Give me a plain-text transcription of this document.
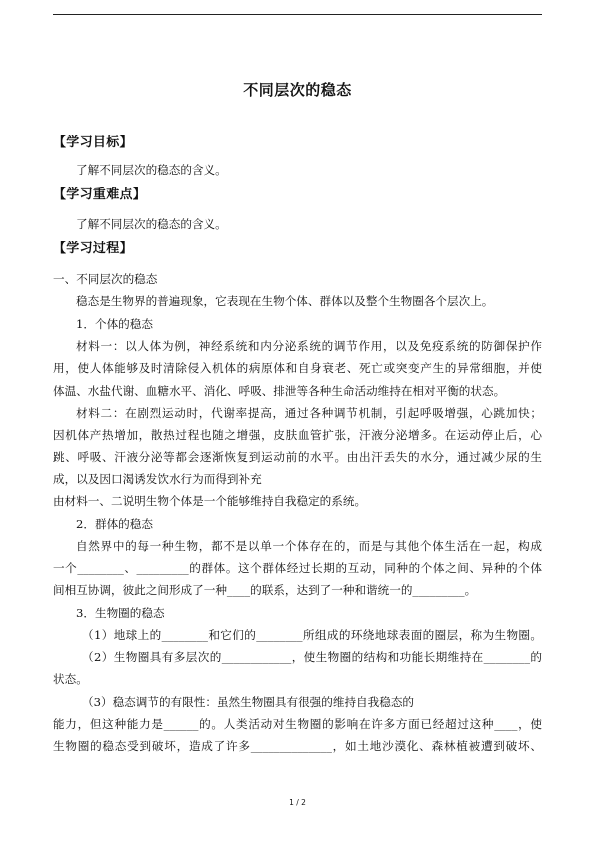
不同层次的稳态
【学习目标】
了解不同层次的稳态的含义。
【学习重难点】
了解不同层次的稳态的含义。
【学习过程】
一、不同层次的稳态
稳态是生物界的普遍现象，它表现在生物个体、群体以及整个生物圈各个层次上。
1．个体的稳态
材料一：以人体为例，神经系统和内分泌系统的调节作用，以及免疫系统的防御保护作
用，使人体能够及时清除侵入机体的病原体和自身衰老、死亡或突变产生的异常细胞，并使
体温、水盐代谢、血糖水平、消化、呼吸、排泄等各种生命活动维持在相对平衡的状态。
材料二：在剧烈运动时，代谢率提高，通过各种调节机制，引起呼吸增强，心跳加快；
因机体产热增加，散热过程也随之增强，皮肤血管扩张，汗液分泌增多。在运动停止后，心
跳、呼吸、汗液分泌等都会逐渐恢复到运动前的水平。由出汗丢失的水分，通过减少尿的生
成，以及因口渴诱发饮水行为而得到补充
由材料一、二说明生物个体是一个能够维持自我稳定的系统。
2．群体的稳态
自然界中的每一种生物，都不是以单一个体存在的，而是与其他个体生活在一起，构成
一个________、_________的群体。这个群体经过长期的互动，同种的个体之间、异种的个体
间相互协调，彼此之间形成了一种____的联系，达到了一种和谐统一的_________。
3．生物圈的稳态
（1）地球上的________和它们的________所组成的环绕地球表面的圈层，称为生物圈。
（2）生物圈具有多层次的____________，使生物圈的结构和功能长期维持在________的
状态。
（3）稳态调节的有限性：虽然生物圈具有很强的维持自我稳态的
能力，但这种能力是______的。人类活动对生物圈的影响在许多方面已经超过这种____，使
生物圈的稳态受到破坏，造成了许多______________，如土地沙漠化、森林植被遭到破坏、
1 / 2
